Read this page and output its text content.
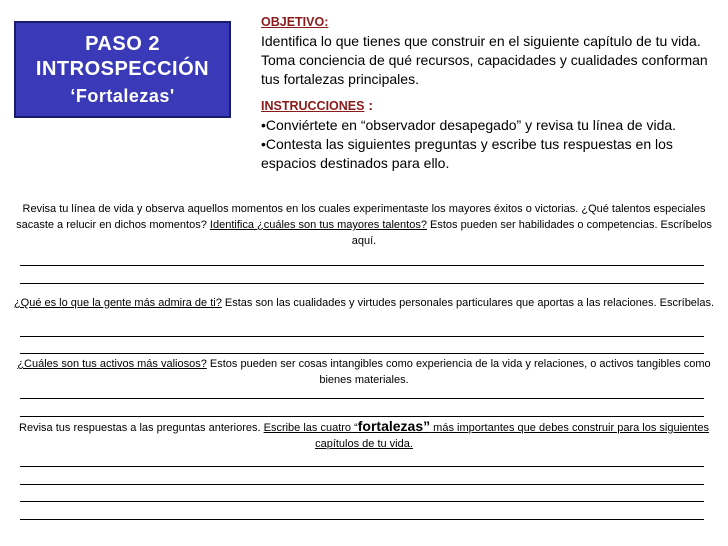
PASO 2
INTROSPECCIÓN
‘Fortalezas'

OBJETIVO:
Identifica lo que tienes que construir en el siguiente capítulo de tu vida. Toma conciencia de qué recursos, capacidades y cualidades conforman tus fortalezas principales.

INSTRUCCIONES :

•Conviértete en “observador desapegado” y revisa tu línea de vida.

•Contesta las siguientes preguntas y escribe tus respuestas en los espacios destinados para ello.

Revisa tu línea de vida y observa aquellos momentos en los cuales experimentaste los mayores éxitos o victorias. ¿Qué talentos especiales sacaste a relucir en dichos momentos? Identifica ¿cuáles son tus mayores talentos? Estos pueden ser habilidades o competencias. Escríbelos aquí.
¿Qué es lo que la gente más admira de ti? Estas son las cualidades y virtudes personales particulares que aportas a las relaciones. Escríbelas.
¿Cuáles son tus activos más valiosos? Estos pueden ser cosas intangibles como experiencia de la vida y relaciones, o activos tangibles como bienes materiales.
Revisa tus respuestas a las preguntas anteriores. Escribe las cuatro “fortalezas” más importantes que debes construir para los siguientes capítulos de tu vida.
